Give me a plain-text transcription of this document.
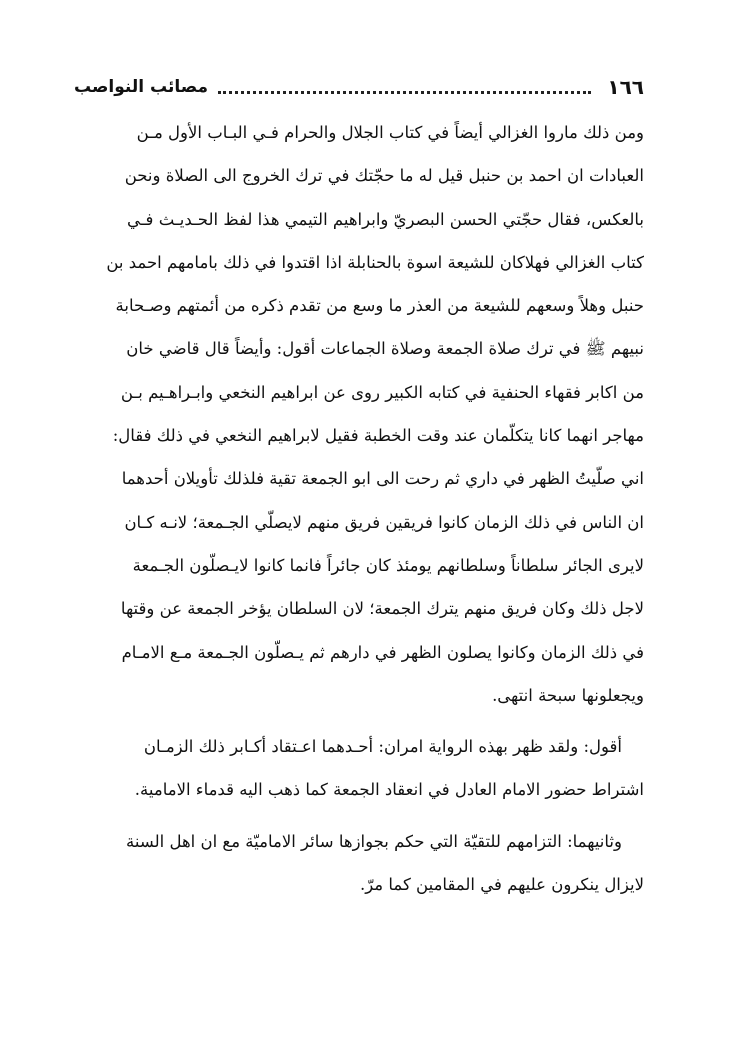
١٦٦
مصائب النواصب
ومن ذلك ماروا الغزالي أيضاً في كتاب الجلال والحرام فـي البـاب الأول مـن
العبادات ان احمد بن حنبل قيل له ما حجّتك في ترك الخروج الى الصلاة ونحن
بالعكس، فقال حجّتي الحسن البصريّ وابراهيم التيمي هذا لفظ الحـديـث فـي
كتاب الغزالي فهلاكان للشيعة اسوة بالحنابلة اذا اقتدوا في ذلك بامامهم احمد بن
حنبل وهلاً وسعهم للشيعة من العذر ما وسع من تقدم ذكره من أئمتهم وصـحابة
نبيهم ﷺ في ترك صلاة الجمعة وصلاة الجماعات أقول: وأيضاً قال قاضي خان
من اكابر فقهاء الحنفية في كتابه الكبير روى عن ابراهيم النخعي وابـراهـيم بـن
مهاجر انهما كانا يتكلّمان عند وقت الخطبة فقيل لابراهيم النخعي في ذلك فقال:
اني صلّيتُ الظهر في داري ثم رحت الى ابو الجمعة تقية فلذلك تأويلان أحدهما
ان الناس في ذلك الزمان كانوا فريقين فريق منهم لايصلّي الجـمعة؛ لانـه كـان
لايرى الجائر سلطاناً وسلطانهم يومئذ كان جائراً فانما كانوا لايـصلّون الجـمعة
لاجل ذلك وكان فريق منهم يترك الجمعة؛ لان السلطان يؤخر الجمعة عن وقتها
في ذلك الزمان وكانوا يصلون الظهر في دارهم ثم يـصلّون الجـمعة مـع الامـام
ويجعلونها سبحة انتهى.
أقول: ولقد ظهر بهذه الرواية امران: أحـدهما اعـتقاد أكـابر ذلك الزمـان
اشتراط حضور الامام العادل في انعقاد الجمعة كما ذهب اليه قدماء الامامية.
وثانيهما: التزامهم للتقيّة التي حكم بجوازها سائر الاماميّة مع ان اهل السنة
لايزال ينكرون عليهم في المقامين كما مرّ.
